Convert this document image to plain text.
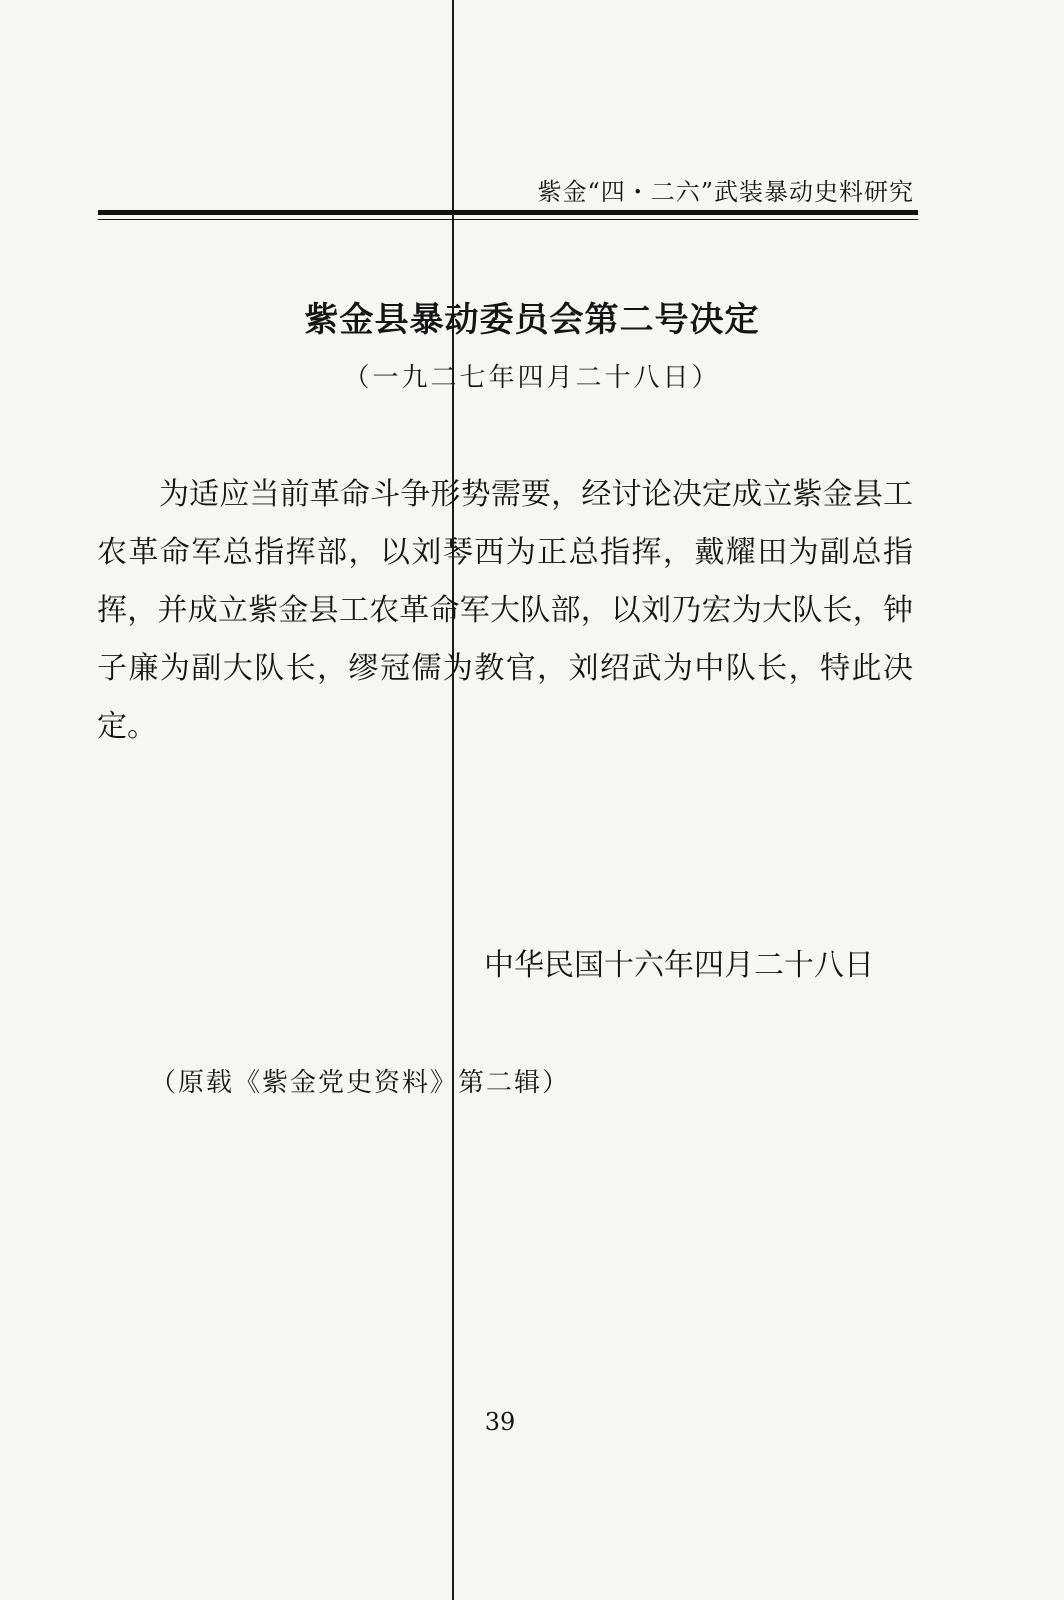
紫金“四・二六”武装暴动史料研究
紫金县暴动委员会第二号决定
（一九二七年四月二十八日）

为适应当前革命斗争形势需要，经讨论决定成立紫金县工农革命军总指挥部，以刘琴西为正总指挥，戴耀田为副总指挥，并成立紫金县工农革命军大队部，以刘乃宏为大队长，钟子廉为副大队长，缪冠儒为教官，刘绍武为中队长，特此决定。

中华民国十六年四月二十八日
（原载《紫金党史资料》第二辑）
39
